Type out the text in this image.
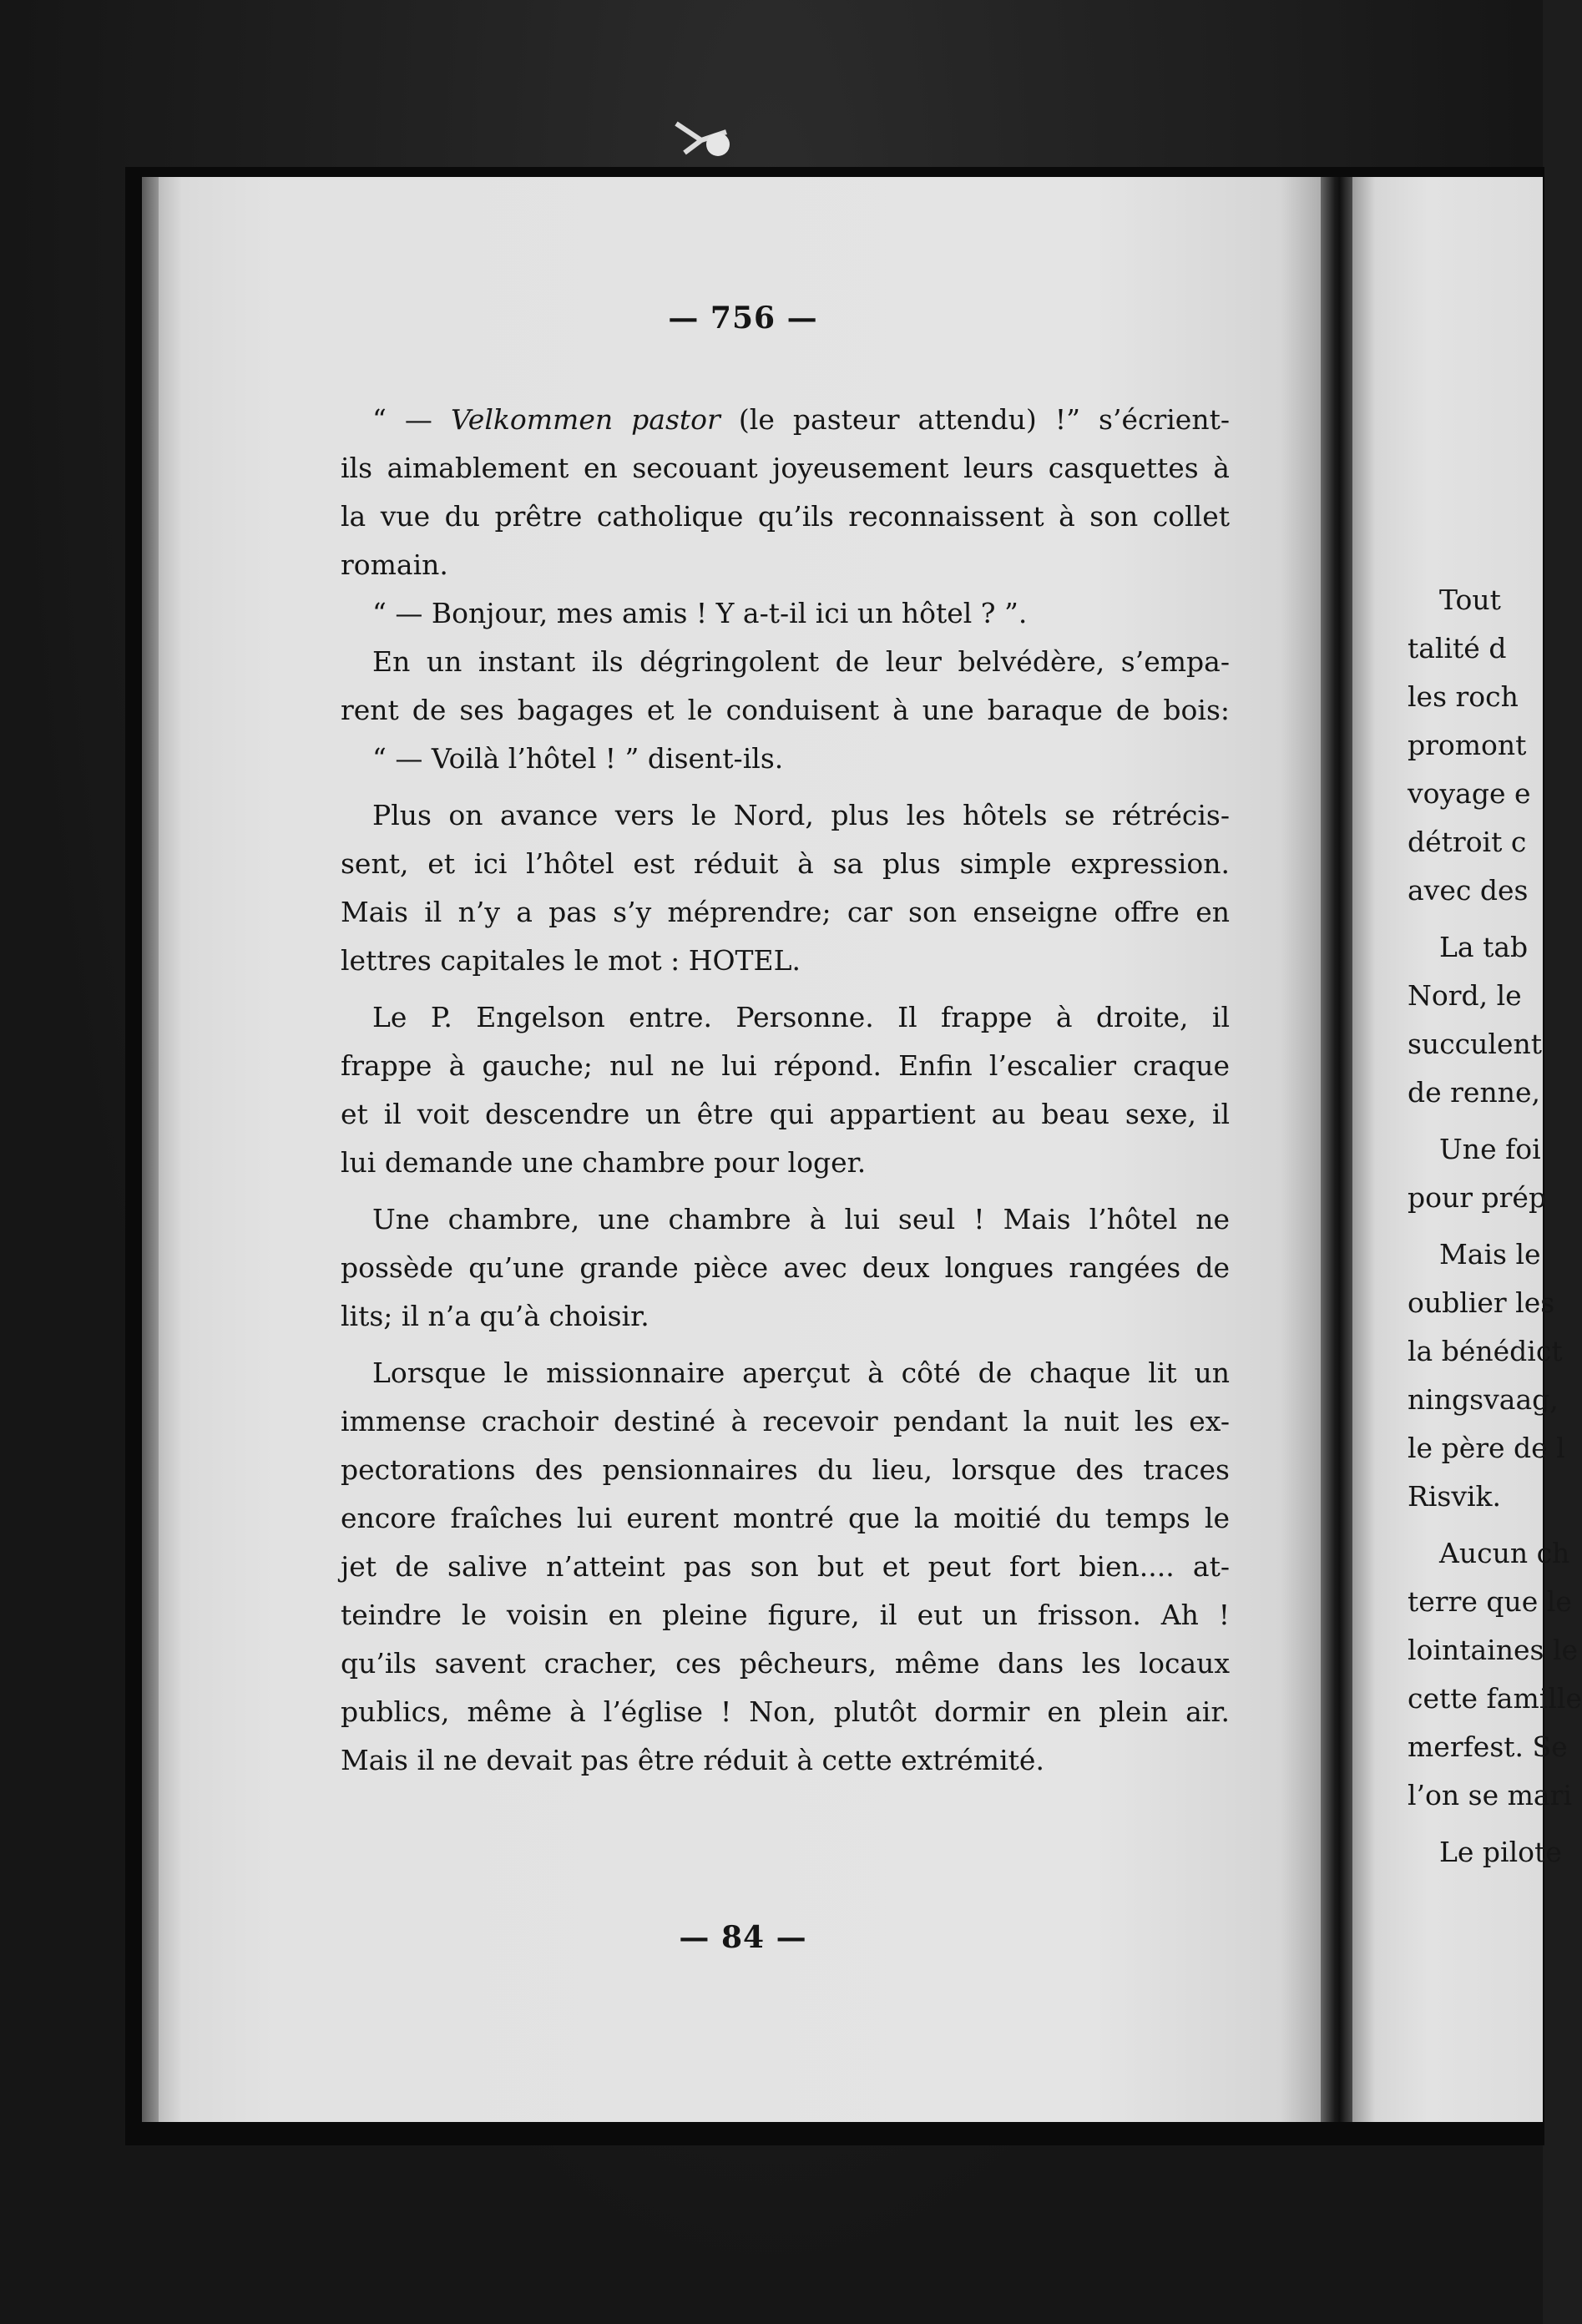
— 756 —
“ — Velkommen pastor (le pasteur attendu) !” s’écrient-
ils aimablement en secouant joyeusement leurs casquettes à
la vue du prêtre catholique qu’ils reconnaissent à son collet
romain.
“ — Bonjour, mes amis ! Y a-t-il ici un hôtel ? ”.
En un instant ils dégringolent de leur belvédère, s’empa-
rent de ses bagages et le conduisent à une baraque de bois:
“ — Voilà l’hôtel ! ” disent-ils.
Plus on avance vers le Nord, plus les hôtels se rétrécis-
sent, et ici l’hôtel est réduit à sa plus simple expression.
Mais il n’y a pas s’y méprendre; car son enseigne offre en
lettres capitales le mot : HOTEL.
Le P. Engelson entre. Personne. Il frappe à droite, il
frappe à gauche; nul ne lui répond. Enfin l’escalier craque
et il voit descendre un être qui appartient au beau sexe, il
lui demande une chambre pour loger.
Une chambre, une chambre à lui seul ! Mais l’hôtel ne
possède qu’une grande pièce avec deux longues rangées de
lits; il n’a qu’à choisir.
Lorsque le missionnaire aperçut à côté de chaque lit un
immense crachoir destiné à recevoir pendant la nuit les ex-
pectorations des pensionnaires du lieu, lorsque des traces
encore fraîches lui eurent montré que la moitié du temps le
jet de salive n’atteint pas son but et peut fort bien.... at-
teindre le voisin en pleine figure, il eut un frisson. Ah !
qu’ils savent cracher, ces pêcheurs, même dans les locaux
publics, même à l’église ! Non, plutôt dormir en plein air.
Mais il ne devait pas être réduit à cette extrémité.
— 84 —
Tout
talité d
les roch
promont
voyage e
détroit c
avec des
La tab
Nord, le
succulent
de renne,
Une foi
pour prép
Mais le
oublier les
la bénédict
ningsvaag,
le père de l
Risvik.
Aucun ch
terre que le
lointaines le
cette famille
merfest. Se
l’on se mari
Le pilote
